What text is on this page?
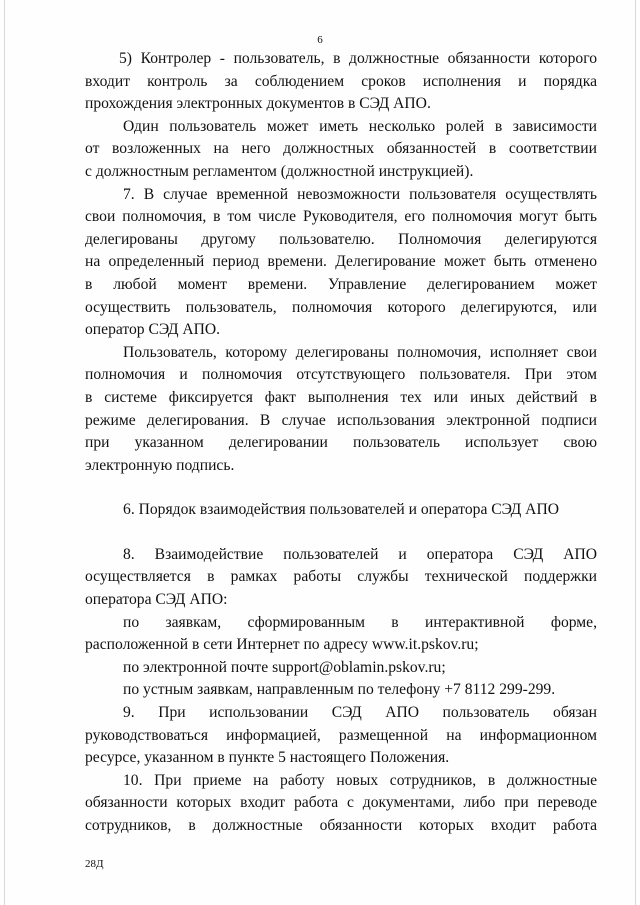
6
5) Контролер - пользователь, в должностные обязанности которого
входит контроль за соблюдением сроков исполнения и порядка
прохождения электронных документов в СЭД АПО.
Один пользователь может иметь несколько ролей в зависимости
от возложенных на него должностных обязанностей в соответствии
с должностным регламентом (должностной инструкцией).
7. В случае временной невозможности пользователя осуществлять
свои полномочия, в том числе Руководителя, его полномочия могут быть
делегированы другому пользователю. Полномочия делегируются
на определенный период времени. Делегирование может быть отменено
в любой момент времени. Управление делегированием может
осуществить пользователь, полномочия которого делегируются, или
оператор СЭД АПО.
Пользователь, которому делегированы полномочия, исполняет свои
полномочия и полномочия отсутствующего пользователя. При этом
в системе фиксируется факт выполнения тех или иных действий в
режиме делегирования. В случае использования электронной подписи
при указанном делегировании пользователь использует свою
электронную подпись.
6. Порядок взаимодействия пользователей и оператора СЭД АПО
8. Взаимодействие пользователей и оператора СЭД АПО
осуществляется в рамках работы службы технической поддержки
оператора СЭД АПО:
по заявкам, сформированным в интерактивной форме,
расположенной в сети Интернет по адресу www.it.pskov.ru;
по электронной почте support@oblamin.pskov.ru;
по устным заявкам, направленным по телефону +7 8112 299-299.
9. При использовании СЭД АПО пользователь обязан
руководствоваться информацией, размещенной на информационном
ресурсе, указанном в пункте 5 настоящего Положения.
10. При приеме на работу новых сотрудников, в должностные
обязанности которых входит работа с документами, либо при переводе
сотрудников, в должностные обязанности которых входит работа
28Д
